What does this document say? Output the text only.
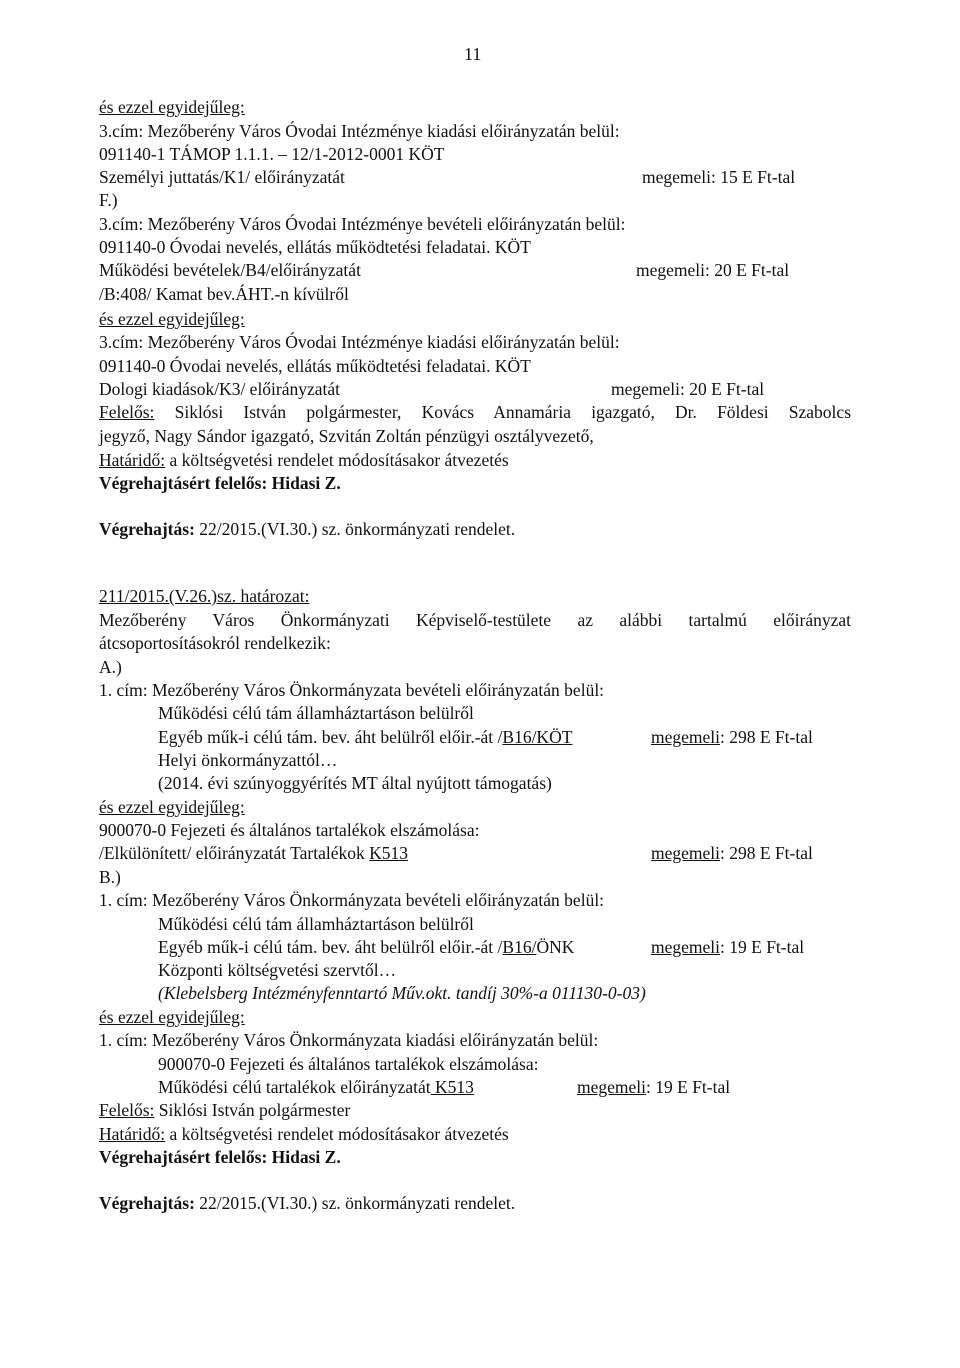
11
és ezzel egyidejűleg:
3.cím: Mezőberény Város Óvodai Intézménye kiadási előirányzatán belül:
091140-1 TÁMOP 1.1.1. – 12/1-2012-0001 KÖT
Személyi juttatás/K1/ előirányzatát	megemeli: 15 E Ft-tal
F.)
3.cím: Mezőberény Város Óvodai Intézménye bevételi előirányzatán belül:
091140-0 Óvodai nevelés, ellátás működtetési feladatai. KÖT
Működési bevételek/B4/előirányzatát	megemeli: 20 E Ft-tal
/B:408/ Kamat bev.ÁHT.-n kívülről
és ezzel egyidejűleg:
3.cím: Mezőberény Város Óvodai Intézménye kiadási előirányzatán belül:
091140-0 Óvodai nevelés, ellátás működtetési feladatai. KÖT
Dologi kiadások/K3/ előirányzatát	megemeli: 20 E Ft-tal
Felelős: Siklósi István polgármester, Kovács Annamária igazgató, Dr. Földesi Szabolcs
jegyző, Nagy Sándor igazgató, Szvitán Zoltán pénzügyi osztályvezető,
Határidő: a költségvetési rendelet módosításakor átvezetés
Végrehajtásért felelős: Hidasi Z.
Végrehajtás: 22/2015.(VI.30.) sz. önkormányzati rendelet.
211/2015.(V.26.)sz. határozat:
Mezőberény Város Önkormányzati Képviselő-testülete az alábbi tartalmú előirányzat
átcsoportosításokról rendelkezik:
A.)
1. cím: Mezőberény Város Önkormányzata bevételi előirányzatán belül:
Működési célú tám államháztartáson belülről
Egyéb műk-i célú tám. bev. áht belülről előir.-át /B16/KÖT	megemeli: 298 E Ft-tal
Helyi önkormányzattól…
(2014. évi szúnyoggyérítés MT által nyújtott támogatás)
és ezzel egyidejűleg:
900070-0 Fejezeti és általános tartalékok elszámolása:
/Elkülönített/ előirányzatát Tartalékok K513	megemeli: 298 E Ft-tal
B.)
1. cím: Mezőberény Város Önkormányzata bevételi előirányzatán belül:
Működési célú tám államháztartáson belülről
Egyéb műk-i célú tám. bev. áht belülről előir.-át /B16/ÖNK	megemeli: 19 E Ft-tal
Központi költségvetési szervtől…
(Klebelsberg Intézményfenntartó Műv.okt. tandíj 30%-a 011130-0-03)
és ezzel egyidejűleg:
1. cím: Mezőberény Város Önkormányzata kiadási előirányzatán belül:
900070-0 Fejezeti és általános tartalékok elszámolása:
Működési célú tartalékok előirányzatát K513	megemeli: 19 E Ft-tal
Felelős: Siklósi István polgármester
Határidő: a költségvetési rendelet módosításakor átvezetés
Végrehajtásért felelős: Hidasi Z.
Végrehajtás: 22/2015.(VI.30.) sz. önkormányzati rendelet.
